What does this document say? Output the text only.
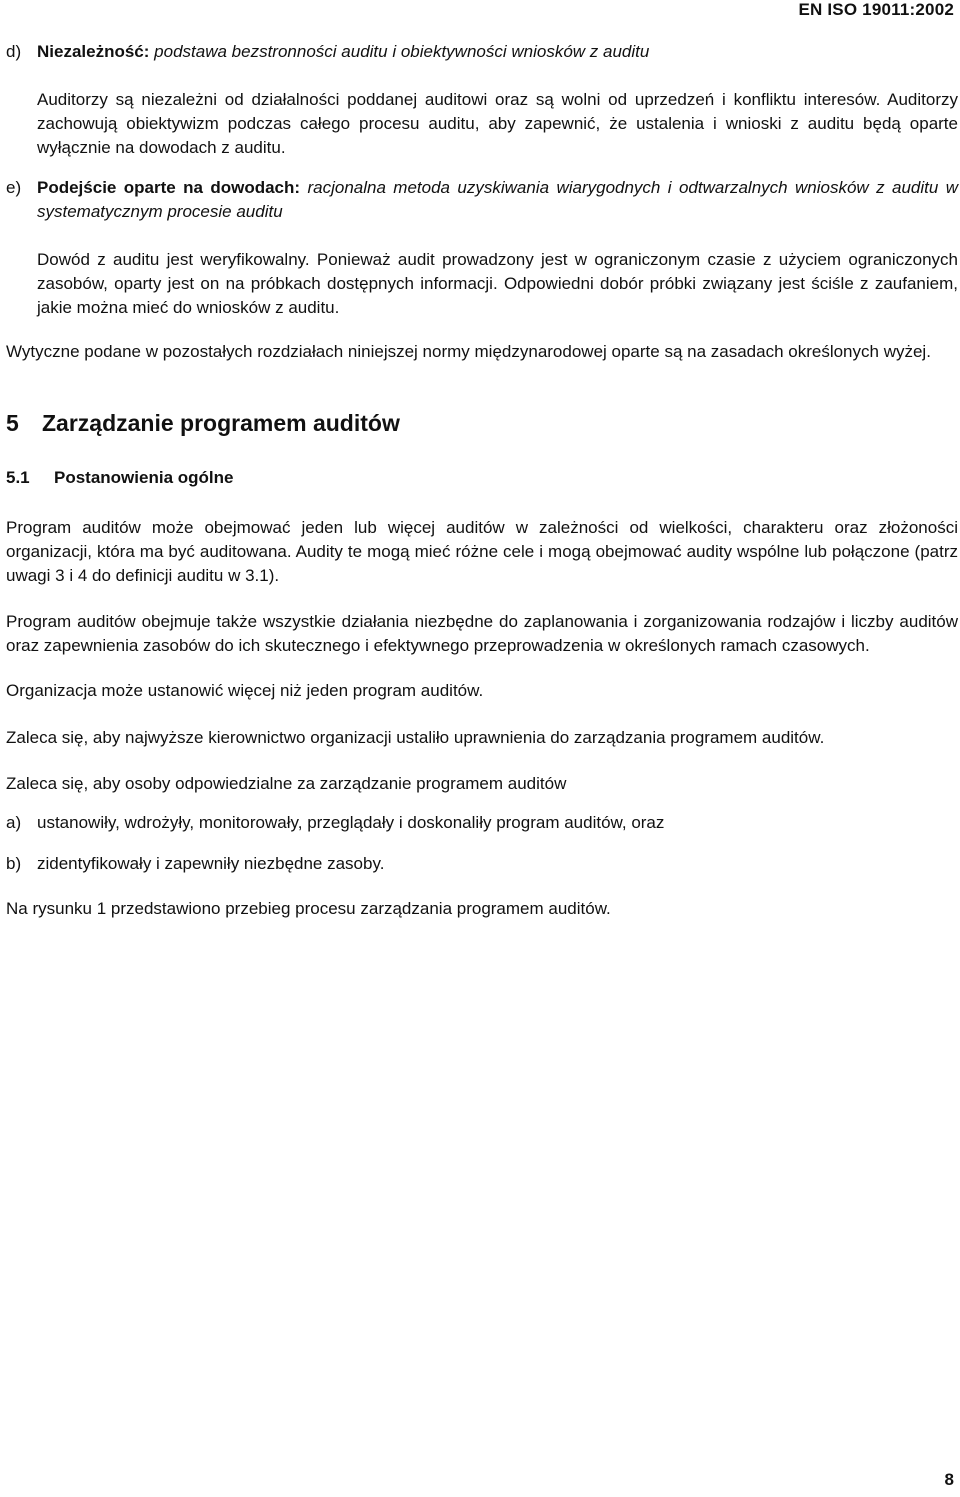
EN ISO 19011:2002
d) Niezależność: podstawa bezstronności auditu i obiektywności wniosków z auditu

Auditorzy są niezależni od działalności poddanej auditowi oraz są wolni od uprzedzeń i konfliktu interesów. Auditorzy zachowują obiektywizm podczas całego procesu auditu, aby zapewnić, że ustalenia i wnioski z auditu będą oparte wyłącznie na dowodach z auditu.

e) Podejście oparte na dowodach: racjonalna metoda uzyskiwania wiarygodnych i odtwarzalnych wniosków z auditu w systematycznym procesie auditu

Dowód z auditu jest weryfikowalny. Ponieważ audit prowadzony jest w ograniczonym czasie z użyciem ograniczonych zasobów, oparty jest on na próbkach dostępnych informacji. Odpowiedni dobór próbki związany jest ściśle z zaufaniem, jakie można mieć do wniosków z auditu.

Wytyczne podane w pozostałych rozdziałach niniejszej normy międzynarodowej oparte są na zasadach określonych wyżej.

5	Zarządzanie programem auditów
5.1	Postanowienia ogólne

Program auditów może obejmować jeden lub więcej auditów w zależności od wielkości, charakteru oraz złożoności organizacji, która ma być auditowana. Audity te mogą mieć różne cele i mogą obejmować audity wspólne lub połączone (patrz uwagi 3 i 4 do definicji auditu w 3.1).

Program auditów obejmuje także wszystkie działania niezbędne do zaplanowania i zorganizowania rodzajów i liczby auditów oraz zapewnienia zasobów do ich skutecznego i efektywnego przeprowadzenia w określonych ramach czasowych.

Organizacja może ustanowić więcej niż jeden program auditów.

Zaleca się, aby najwyższe kierownictwo organizacji ustaliło uprawnienia do zarządzania programem auditów.

Zaleca się, aby osoby odpowiedzialne za zarządzanie programem auditów

a) ustanowiły, wdrożyły, monitorowały, przeglądały i doskonaliły program auditów, oraz
b) zidentyfikowały i zapewniły niezbędne zasoby.

Na rysunku 1 przedstawiono przebieg procesu zarządzania programem auditów.

8
